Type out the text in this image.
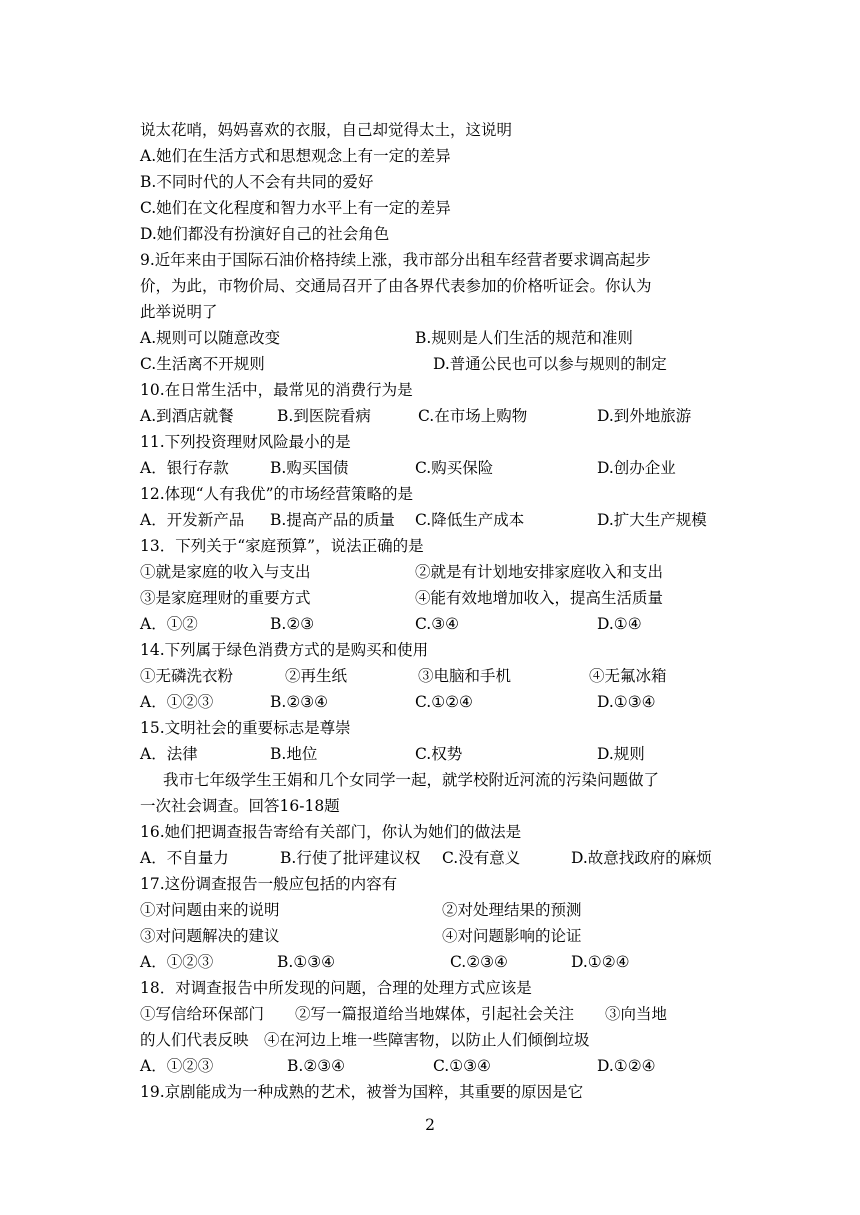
说太花哨，妈妈喜欢的衣服，自己却觉得太土，这说明
A.她们在生活方式和思想观念上有一定的差异
B.不同时代的人不会有共同的爱好
C.她们在文化程度和智力水平上有一定的差异
D.她们都没有扮演好自己的社会角色
9.近年来由于国际石油价格持续上涨，我市部分出租车经营者要求调高起步
价，为此，市物价局、交通局召开了由各界代表参加的价格听证会。你认为
此举说明了
A.规则可以随意改变	B.规则是人们生活的规范和准则
C.生活离不开规则	D.普通公民也可以参与规则的制定
10.在日常生活中，最常见的消费行为是
A.到酒店就餐	B.到医院看病	C.在市场上购物	D.到外地旅游
11.下列投资理财风险最小的是
A．银行存款	B.购买国债	C.购买保险	D.创办企业
12.体现“人有我优”的市场经营策略的是
A．开发新产品 B.提高产品的质量 C.降低生产成本	D.扩大生产规模
13．下列关于“家庭预算”，说法正确的是
①就是家庭的收入与支出	②就是有计划地安排家庭收入和支出
③是家庭理财的重要方式	④能有效地增加收入，提高生活质量
A．①②	B.②③	C.③④	D.①④
14.下列属于绿色消费方式的是购买和使用
①无磷洗衣粉	②再生纸	③电脑和手机	④无氟冰箱
A．①②③	B.②③④	C.①②④	D.①③④
15.文明社会的重要标志是尊崇
A．法律	B.地位	C.权势	D.规则
我市七年级学生王娟和几个女同学一起，就学校附近河流的污染问题做了
一次社会调查。回答16-18题
16.她们把调查报告寄给有关部门，你认为她们的做法是
A．不自量力	B.行使了批评建议权 C.没有意义	D.故意找政府的麻烦
17.这份调查报告一般应包括的内容有
①对问题由来的说明	②对处理结果的预测
③对问题解决的建议	④对问题影响的论证
A．①②③	B.①③④	C.②③④	D.①②④
18．对调查报告中所发现的问题，合理的处理方式应该是
①写信给环保部门　　②写一篇报道给当地媒体，引起社会关注　　③向当地
的人们代表反映　④在河边上堆一些障害物，以防止人们倾倒垃圾
A．①②③	B.②③④	C.①③④	D.①②④
19.京剧能成为一种成熟的艺术，被誉为国粹，其重要的原因是它
2
